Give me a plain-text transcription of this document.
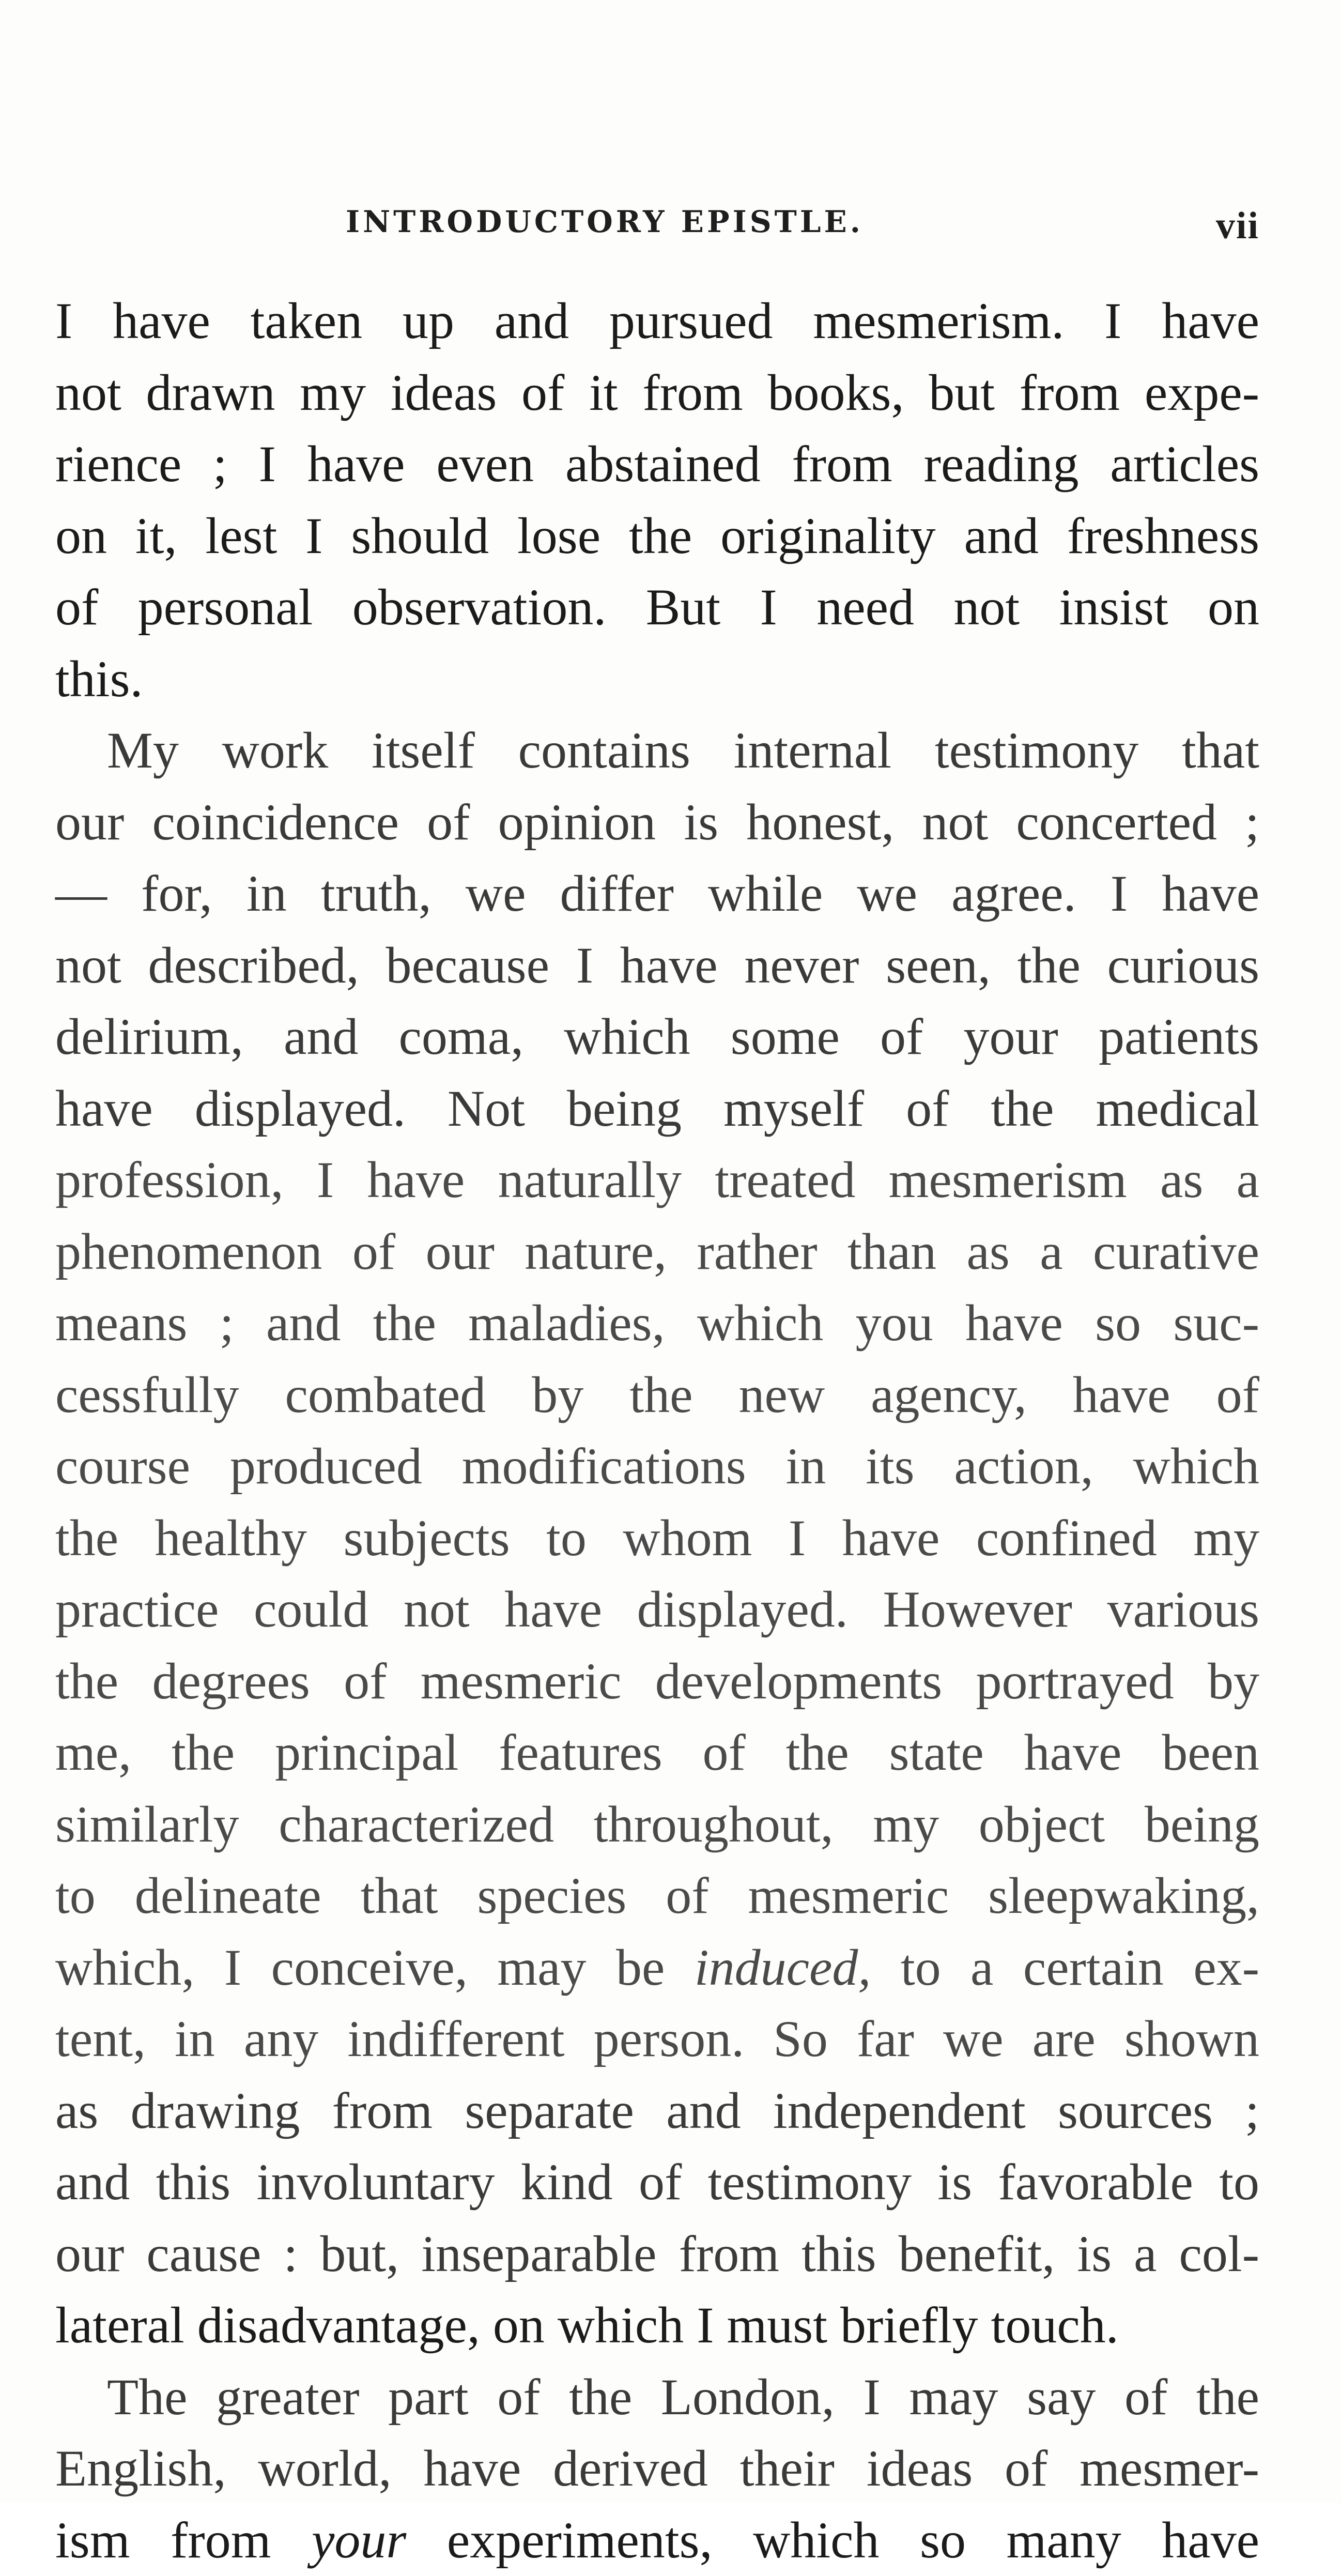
INTRODUCTORY EPISTLE.	vii
I have taken up and pursued mesmerism. I have
not drawn my ideas of it from books, but from expe-
rience ; I have even abstained from reading articles
on it, lest I should lose the originality and freshness
of personal observation. But I need not insist on
this.
My work itself contains internal testimony that
our coincidence of opinion is honest, not concerted ;
— for, in truth, we differ while we agree. I have
not described, because I have never seen, the curious
delirium, and coma, which some of your patients
have displayed. Not being myself of the medical
profession, I have naturally treated mesmerism as a
phenomenon of our nature, rather than as a curative
means ; and the maladies, which you have so suc-
cessfully combated by the new agency, have of
course produced modifications in its action, which
the healthy subjects to whom I have confined my
practice could not have displayed. However various
the degrees of mesmeric developments portrayed by
me, the principal features of the state have been
similarly characterized throughout, my object being
to delineate that species of mesmeric sleepwaking,
which, I conceive, may be induced, to a certain ex-
tent, in any indifferent person. So far we are shown
as drawing from separate and independent sources ;
and this involuntary kind of testimony is favorable to
our cause : but, inseparable from this benefit, is a col-
lateral disadvantage, on which I must briefly touch.
The greater part of the London, I may say of the
English, world, have derived their ideas of mesmer-
ism from your experiments, which so many have
